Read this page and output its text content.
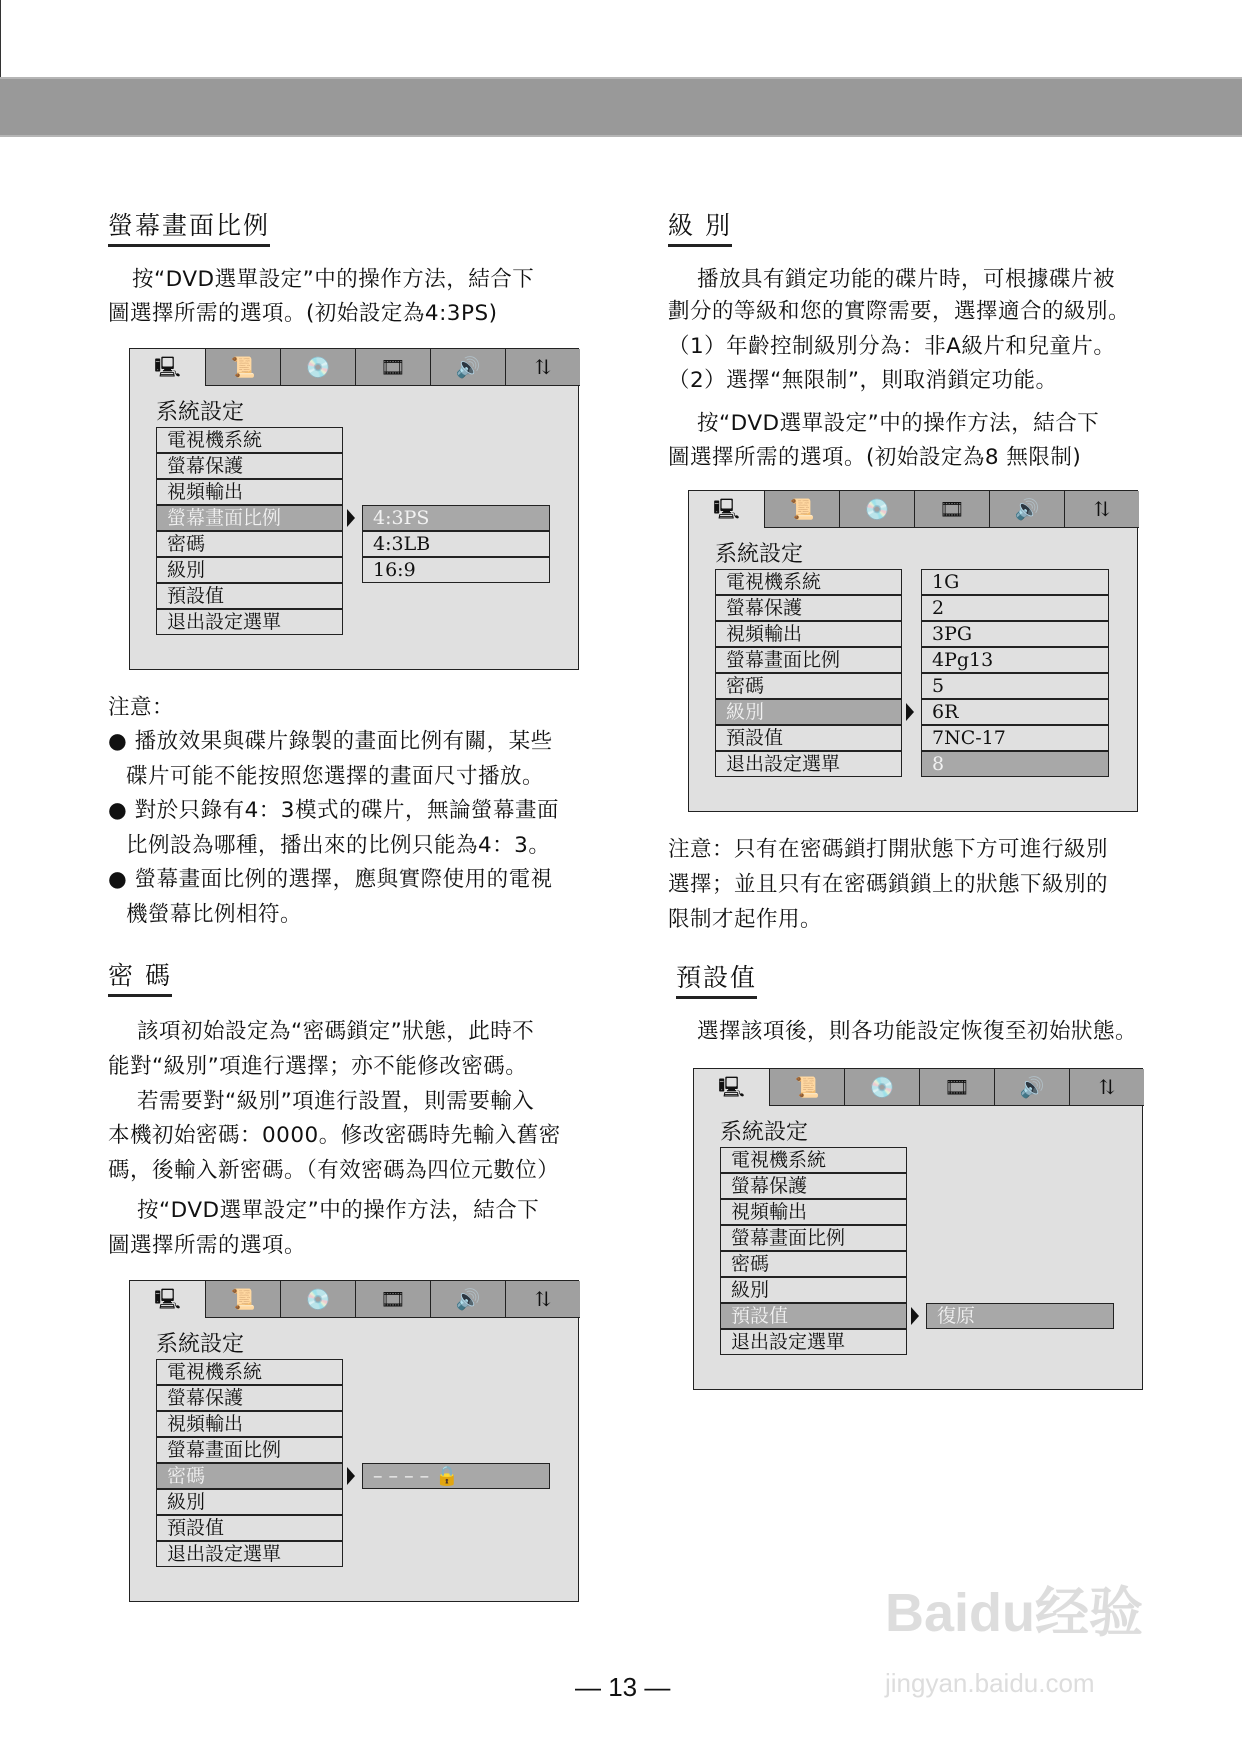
螢幕畫面比例
按“DVD選單設定”中的操作方法，結合下
圖選擇所需的選項。(初始設定為4:3PS)
🖳	📜	💿	🎞	🔊	⇅
系統設定
電視機系統
螢幕保護
視頻輸出
螢幕畫面比例
密碼
級別
預設值
退出設定選單
4:3PS
4:3LB
16:9
注意：
● 播放效果與碟片錄製的畫面比例有關，某些
碟片可能不能按照您選擇的畫面尺寸播放。
● 對於只錄有4：3模式的碟片，無論螢幕畫面
比例設為哪種，播出來的比例只能為4：3。
● 螢幕畫面比例的選擇，應與實際使用的電視
機螢幕比例相符。
密 碼
該項初始設定為“密碼鎖定”狀態，此時不
能對“級別”項進行選擇；亦不能修改密碼。
若需要對“級別”項進行設置，則需要輸入
本機初始密碼：0000。修改密碼時先輸入舊密
碼，後輸入新密碼。（有效密碼為四位元數位）
按“DVD選單設定”中的操作方法，結合下
圖選擇所需的選項。
🖳	📜	💿	🎞	🔊	⇅
系統設定
電視機系統
螢幕保護
視頻輸出
螢幕畫面比例
密碼
級別
預設值
退出設定選單
– – – – 🔒
級 別
播放具有鎖定功能的碟片時，可根據碟片被
劃分的等級和您的實際需要，選擇適合的級別。
（1）年齡控制級別分為：非A級片和兒童片。
（2）選擇“無限制”，則取消鎖定功能。
按“DVD選單設定”中的操作方法，結合下
圖選擇所需的選項。(初始設定為8 無限制)
🖳	📜	💿	🎞	🔊	⇅
系統設定
電視機系統
螢幕保護
視頻輸出
螢幕畫面比例
密碼
級別
預設值
退出設定選單
1G
2
3PG
4Pg13
5
6R
7NC-17
8
注意：只有在密碼鎖打開狀態下方可進行級別
選擇；並且只有在密碼鎖鎖上的狀態下級別的
限制才起作用。
預設值
選擇該項後，則各功能設定恢復至初始狀態。
🖳	📜	💿	🎞	🔊	⇅
系統設定
電視機系統
螢幕保護
視頻輸出
螢幕畫面比例
密碼
級別
預設值
退出設定選單
復原
Baidu经验
jingyan.baidu.com
— 13 —
